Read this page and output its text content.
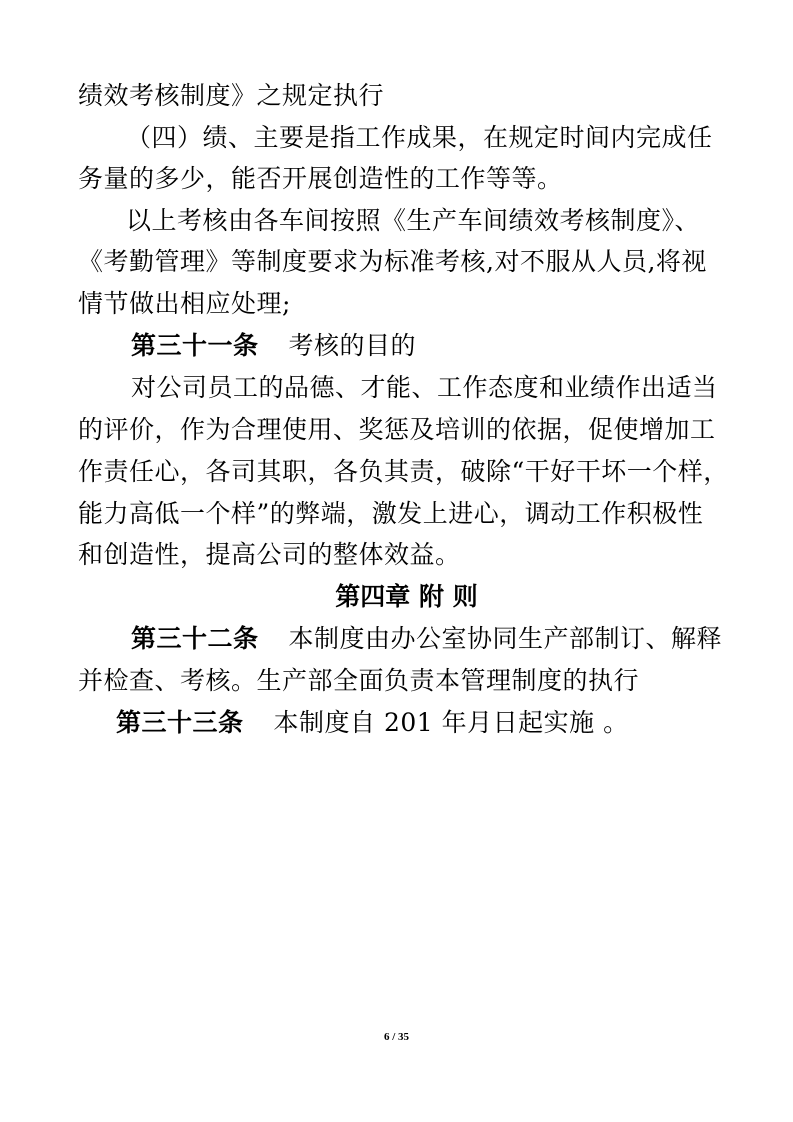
绩效考核制度》之规定执行
（四）绩、主要是指工作成果，在规定时间内完成任
务量的多少，能否开展创造性的工作等等。
以上考核由各车间按照《生产车间绩效考核制度》、
《考勤管理》等制度要求为标准考核,对不服从人员,将视
情节做出相应处理;
第三十一条 考核的目的
对公司员工的品德、才能、工作态度和业绩作出适当
的评价，作为合理使用、奖惩及培训的依据，促使增加工
作责任心，各司其职，各负其责，破除“干好干坏一个样，
能力高低一个样”的弊端，激发上进心，调动工作积极性
和创造性，提高公司的整体效益。
第四章 附 则
第三十二条 本制度由办公室协同生产部制订、解释
并检查、考核。生产部全面负责本管理制度的执行
第三十三条 本制度自 201 年月日起实施 。
6 / 35
